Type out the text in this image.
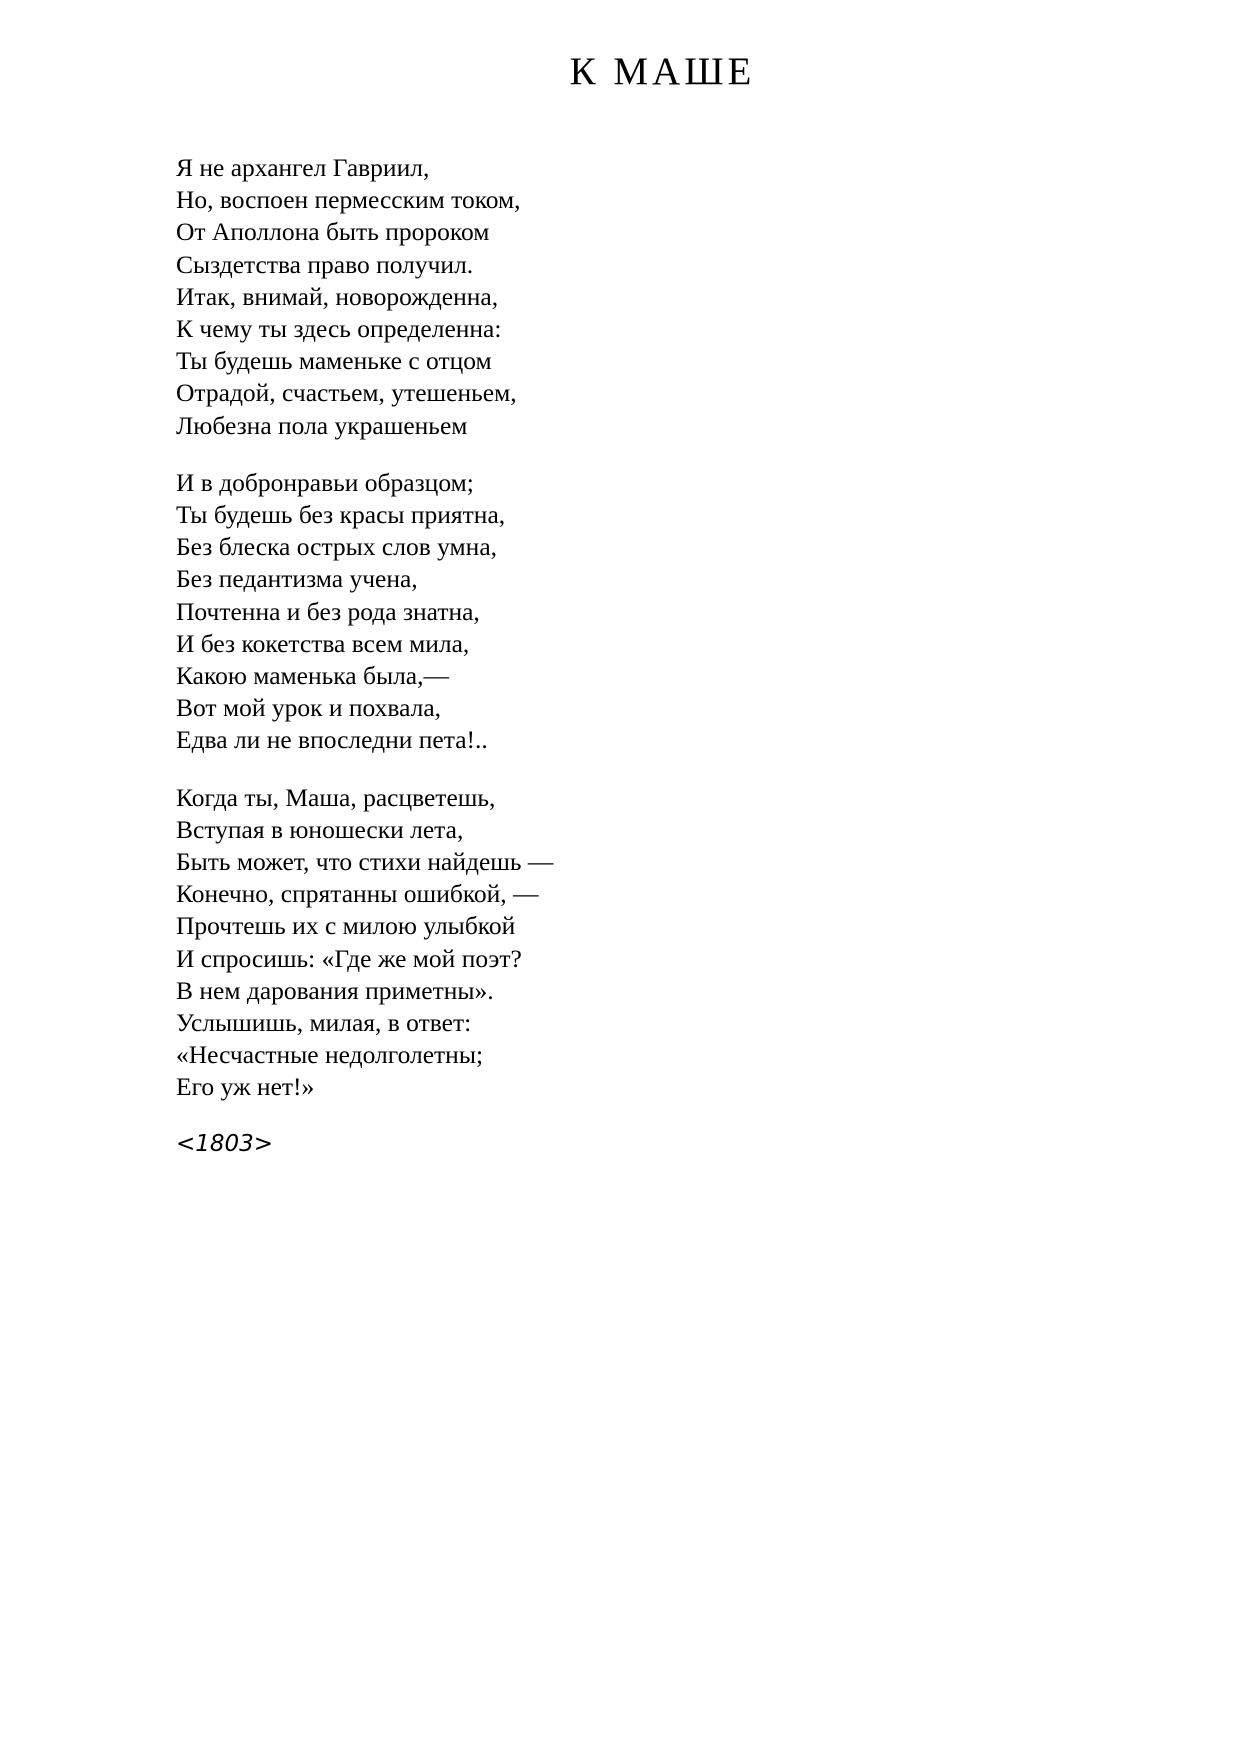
К МАШЕ
Я не архангел Гавриил,
Но, воспоен пермесским током,
От Аполлона быть пророком
Сыздетства право получил.
Итак, внимай, новорожденна,
К чему ты здесь определенна:
Ты будешь маменьке с отцом
Отрадой, счастьем, утешеньем,
Любезна пола украшеньем
И в добронравьи образцом;
Ты будешь без красы приятна,
Без блеска острых слов умна,
Без педантизма учена,
Почтенна и без рода знатна,
И без кокетства всем мила,
Какою маменька была,—
Вот мой урок и похвала,
Едва ли не впоследни пета!..
Когда ты, Маша, расцветешь,
Вступая в юношески лета,
Быть может, что стихи найдешь —
Конечно, спрятанны ошибкой, —
Прочтешь их с милою улыбкой
И спросишь: «Где же мой поэт?
В нем дарования приметны».
Услышишь, милая, в ответ:
«Несчастные недолголетны;
Его уж нет!»
<1803>
